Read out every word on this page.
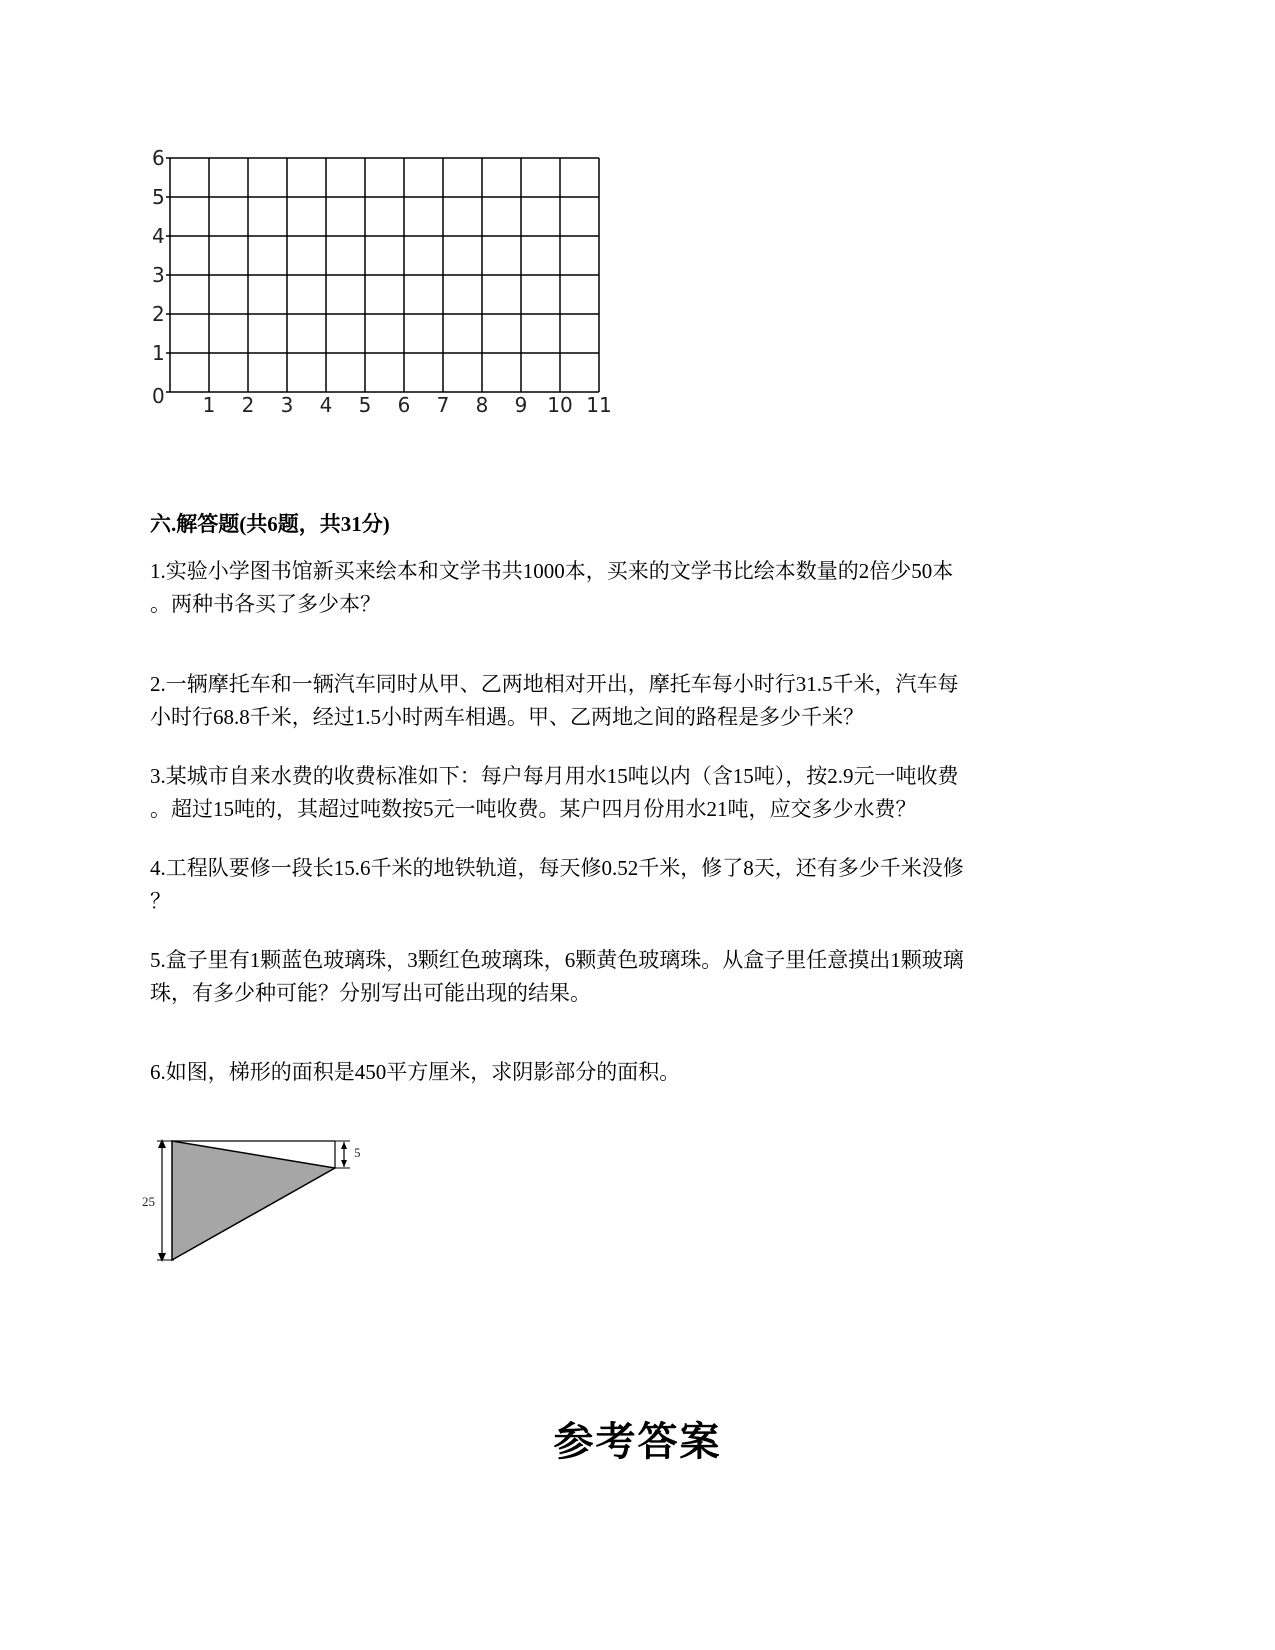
0
1
2
3
4
5
6
1 2 3 4 5 6 7 8 9 10 11
六.解答题(共6题，共31分)
1.实验小学图书馆新买来绘本和文学书共1000本，买来的文学书比绘本数量的2倍少50本
。两种书各买了多少本？
2.一辆摩托车和一辆汽车同时从甲、乙两地相对开出，摩托车每小时行31.5千米，汽车每
小时行68.8千米，经过1.5小时两车相遇。甲、乙两地之间的路程是多少千米？
3.某城市自来水费的收费标准如下：每户每月用水15吨以内（含15吨），按2.9元一吨收费
。超过15吨的，其超过吨数按5元一吨收费。某户四月份用水21吨，应交多少水费？
4.工程队要修一段长15.6千米的地铁轨道，每天修0.52千米，修了8天，还有多少千米没修
？
5.盒子里有1颗蓝色玻璃珠，3颗红色玻璃珠，6颗黄色玻璃珠。从盒子里任意摸出1颗玻璃
珠，有多少种可能？分别写出可能出现的结果。
6.如图，梯形的面积是450平方厘米，求阴影部分的面积。
25
5
参考答案
